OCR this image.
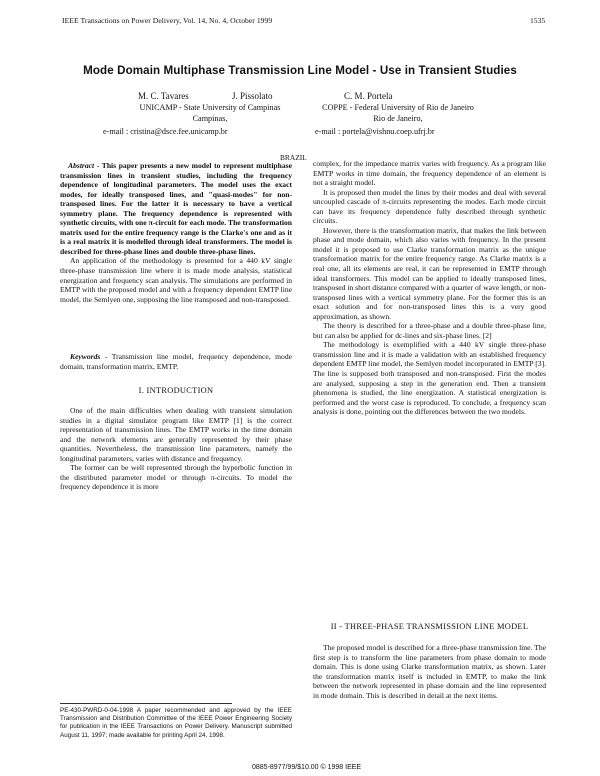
IEEE Transactions on Power Delivery, Vol. 14, No. 4, October 1999	1535
Mode Domain Multiphase Transmission Line Model - Use in Transient Studies
M. C. Tavares	J. Pissolato	C. M. Portela
UNICAMP - State University of Campinas
Campinas,
COPPE - Federal University of Rio de Janeiro
Rio de Janeiro,
e-mail : cristina@dsce.fee.unicamp.br	e-mail : portela@vishnu.coep.ufrj.br
BRAZIL

Abstract - This paper presents a new model to represent multiphase transmission lines in transient studies, including the frequency dependence of longitudinal parameters. The model uses the exact modes, for ideally transposed lines, and "quasi-modes" for non-transposed lines. For the latter it is necessary to have a vertical symmetry plane. The frequency dependence is represented with synthetic circuits, with one π-circuit for each mode. The transformation matrix used for the entire frequency range is the Clarke's one and as it is a real matrix it is modelled through ideal transformers. The model is described for three-phase lines and double three-phase lines.

An application of the methodology is presented for a 440 kV single three-phase transmission line where it is made mode analysis, statistical energization and frequency scan analysis. The simulations are performed in EMTP with the proposed model and with a frequency dependent EMTP line model, the Semlyen one, supposing the line transposed and non-transposed.

Keywords - Transmission line model, frequency dependence, mode domain, transformation matrix, EMTP.

I. INTRODUCTION

One of the main difficulties when dealing with transient simulation studies in a digital simulator program like EMTP [1] is the correct representation of transmission lines. The EMTP works in the time domain and the network elements are generally represented by their phase quantities. Nevertheless, the transmission line parameters, namely the longitudinal parameters, varies with distance and frequency.

The former can be well represented through the hyperbolic function in the distributed parameter model or through π-circuits. To model the frequency dependence it is more

PE-430-PWRD-0-04-1998 A paper recommended and approved by the IEEE Transmission and Distribution Committee of the IEEE Power Engineering Society for publication in the IEEE Transactions on Power Delivery. Manuscript submitted August 11, 1997; made available for printing April 24, 1998.

complex, for the impedance matrix varies with frequency. As a program like EMTP works in time domain, the frequency dependence of an element is not a straight model.

It is proposed then model the lines by their modes and deal with several uncoupled cascade of π-circuits representing the modes. Each mode circuit can have its frequency dependence fully described through synthetic circuits.

However, there is the transformation matrix, that makes the link between phase and mode domain, which also varies with frequency. In the present model it is proposed to use Clarke transformation matrix as the unique transformation matrix for the entire frequency range. As Clarke matrix is a real one, all its elements are real, it can be represented in EMTP through ideal transformers. This model can be applied to ideally transposed lines, transposed in short distance compared with a quarter of wave length, or non-transposed lines with a vertical symmetry plane. For the former this is an exact solution and for non-transposed lines this is a very good approximation, as shown.

The theory is described for a three-phase and a double three-phase line, but can also be applied for dc-lines and six-phase lines. [2]

The methodology is exemplified with a 440 kV single three-phase transmission line and it is made a validation with an established frequency dependent EMTP line model, the Semlyen model incorporated in EMTP [3]. The line is supposed both transposed and non-transposed. First the modes are analysed, supposing a step in the generation end. Then a transient phenomena is studied, the line energization. A statistical energization is performed and the worst case is reproduced. To conclude, a frequency scan analysis is done, pointing out the differences between the two models.

II - THREE-PHASE TRANSMISSION LINE MODEL

The proposed model is described for a three-phase transmission line. The first step is to transform the line parameters from phase domain to mode domain. This is done using Clarke transformation matrix, as shown. Later the transformation matrix itself is included in EMTP, to make the link between the network represented in phase domain and the line represented in mode domain. This is described in detail at the next items.

0885-8977/99/$10.00 © 1998 IEEE
